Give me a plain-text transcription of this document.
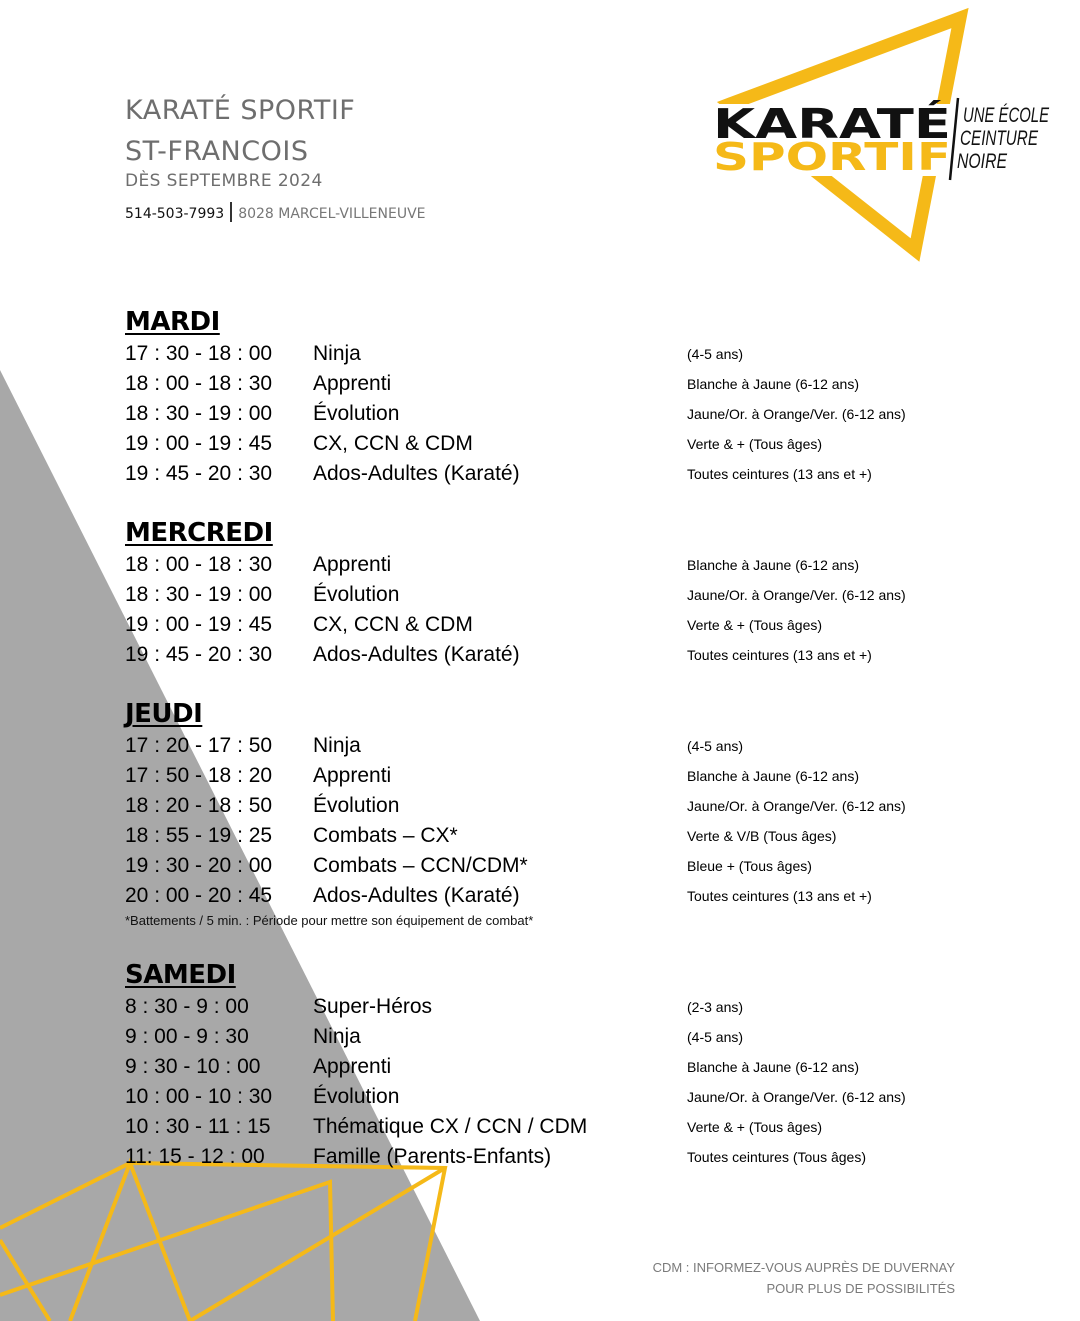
KARATÉ SPORTIF
ST-FRANCOIS
DÈS SEPTEMBRE 2024
514-503-7993 8028 MARCEL-VILLENEUVE
KARATÉ
SPORTIF
UNE ÉCOLE
CEINTURE
NOIRE
MARDI
17 : 30 - 18 : 00 Ninja	(4-5 ans)
18 : 00 - 18 : 30 Apprenti	Blanche à Jaune (6-12 ans)
18 : 30 - 19 : 00 Évolution	Jaune/Or. à Orange/Ver. (6-12 ans)
19 : 00 - 19 : 45 CX, CCN & CDM	Verte & + (Tous âges)
19 : 45 - 20 : 30 Ados-Adultes (Karaté)	Toutes ceintures (13 ans et +)
MERCREDI
18 : 00 - 18 : 30 Apprenti	Blanche à Jaune (6-12 ans)
18 : 30 - 19 : 00 Évolution	Jaune/Or. à Orange/Ver. (6-12 ans)
19 : 00 - 19 : 45 CX, CCN & CDM	Verte & + (Tous âges)
19 : 45 - 20 : 30 Ados-Adultes (Karaté)	Toutes ceintures (13 ans et +)
JEUDI
17 : 20 - 17 : 50 Ninja	(4-5 ans)
17 : 50 - 18 : 20 Apprenti	Blanche à Jaune (6-12 ans)
18 : 20 - 18 : 50 Évolution	Jaune/Or. à Orange/Ver. (6-12 ans)
18 : 55 - 19 : 25 Combats – CX*	Verte & V/B (Tous âges)
19 : 30 - 20 : 00 Combats – CCN/CDM*	Bleue + (Tous âges)
20 : 00 - 20 : 45 Ados-Adultes (Karaté)	Toutes ceintures (13 ans et +)
*Battements / 5 min. : Période pour mettre son équipement de combat*
SAMEDI
8 : 30 - 9 : 00	Super-Héros	(2-3 ans)
9 : 00 - 9 : 30	Ninja	(4-5 ans)
9 : 30 - 10 : 00	Apprenti	Blanche à Jaune (6-12 ans)
10 : 00 - 10 : 30 Évolution	Jaune/Or. à Orange/Ver. (6-12 ans)
10 : 30 - 11 : 15 Thématique CX / CCN / CDM	Verte & + (Tous âges)
11: 15 - 12 : 00 Famille (Parents-Enfants)	Toutes ceintures (Tous âges)
CDM : INFORMEZ-VOUS AUPRÈS DE DUVERNAY
POUR PLUS DE POSSIBILITÉS
